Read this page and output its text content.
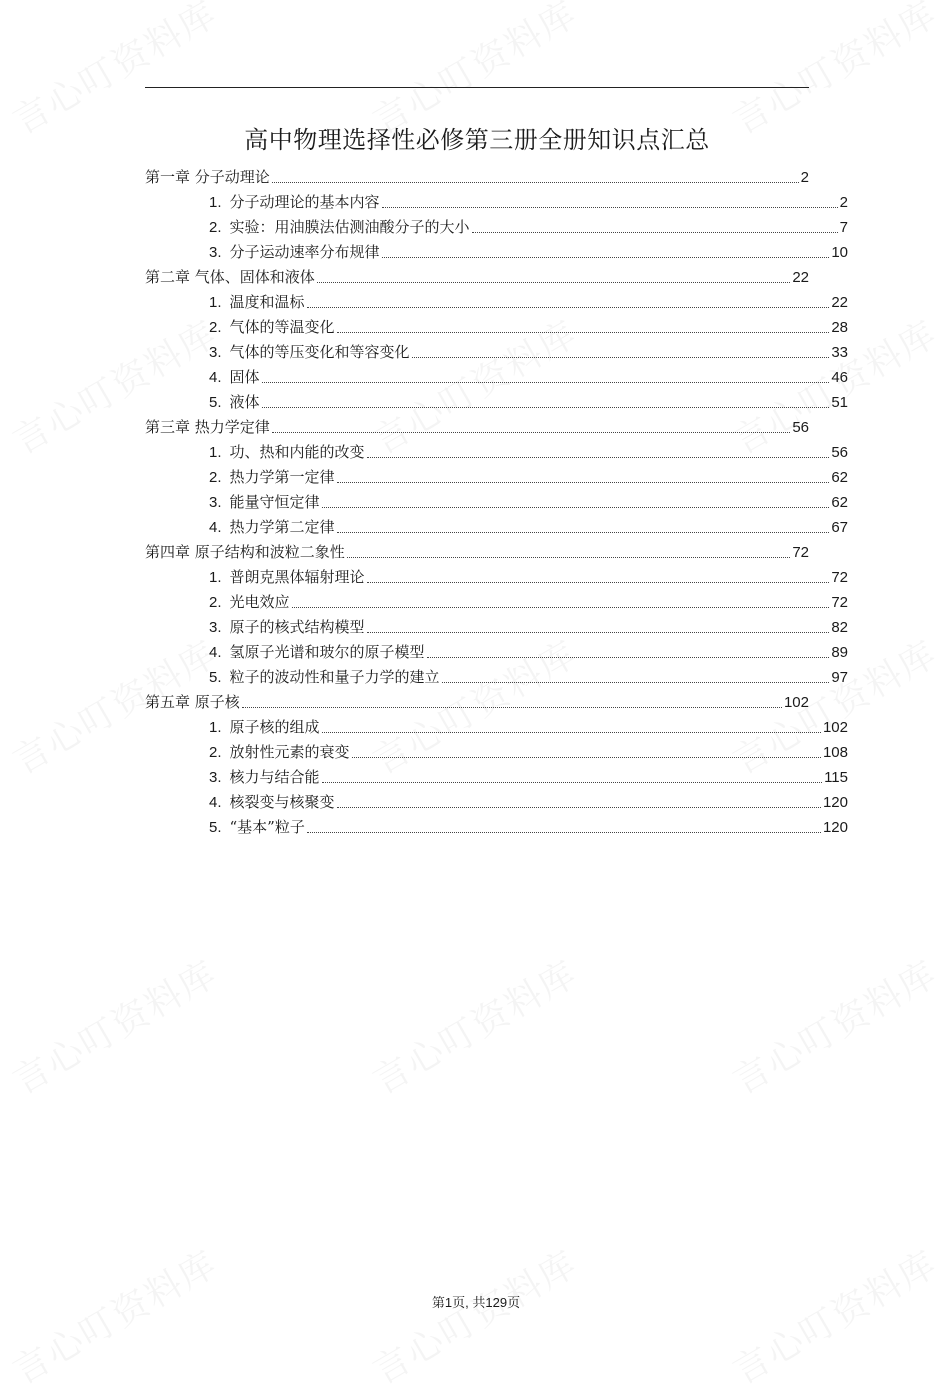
高中物理选择性必修第三册全册知识点汇总
第一章 分子动理论	2
1. 分子动理论的基本内容	2
2. 实验：用油膜法估测油酸分子的大小	7
3. 分子运动速率分布规律	10
第二章 气体、固体和液体	22
1. 温度和温标	22
2. 气体的等温变化	28
3. 气体的等压变化和等容变化	33
4. 固体	46
5. 液体	51
第三章 热力学定律	56
1. 功、热和内能的改变	56
2. 热力学第一定律	62
3. 能量守恒定律	62
4. 热力学第二定律	67
第四章 原子结构和波粒二象性	72
1. 普朗克黑体辐射理论	72
2. 光电效应	72
3. 原子的核式结构模型	82
4. 氢原子光谱和玻尔的原子模型	89
5. 粒子的波动性和量子力学的建立	97
第五章 原子核	102
1. 原子核的组成	102
2. 放射性元素的衰变	108
3. 核力与结合能	115
4. 核裂变与核聚变	120
5. “基本”粒子	120
第1页, 共129页
